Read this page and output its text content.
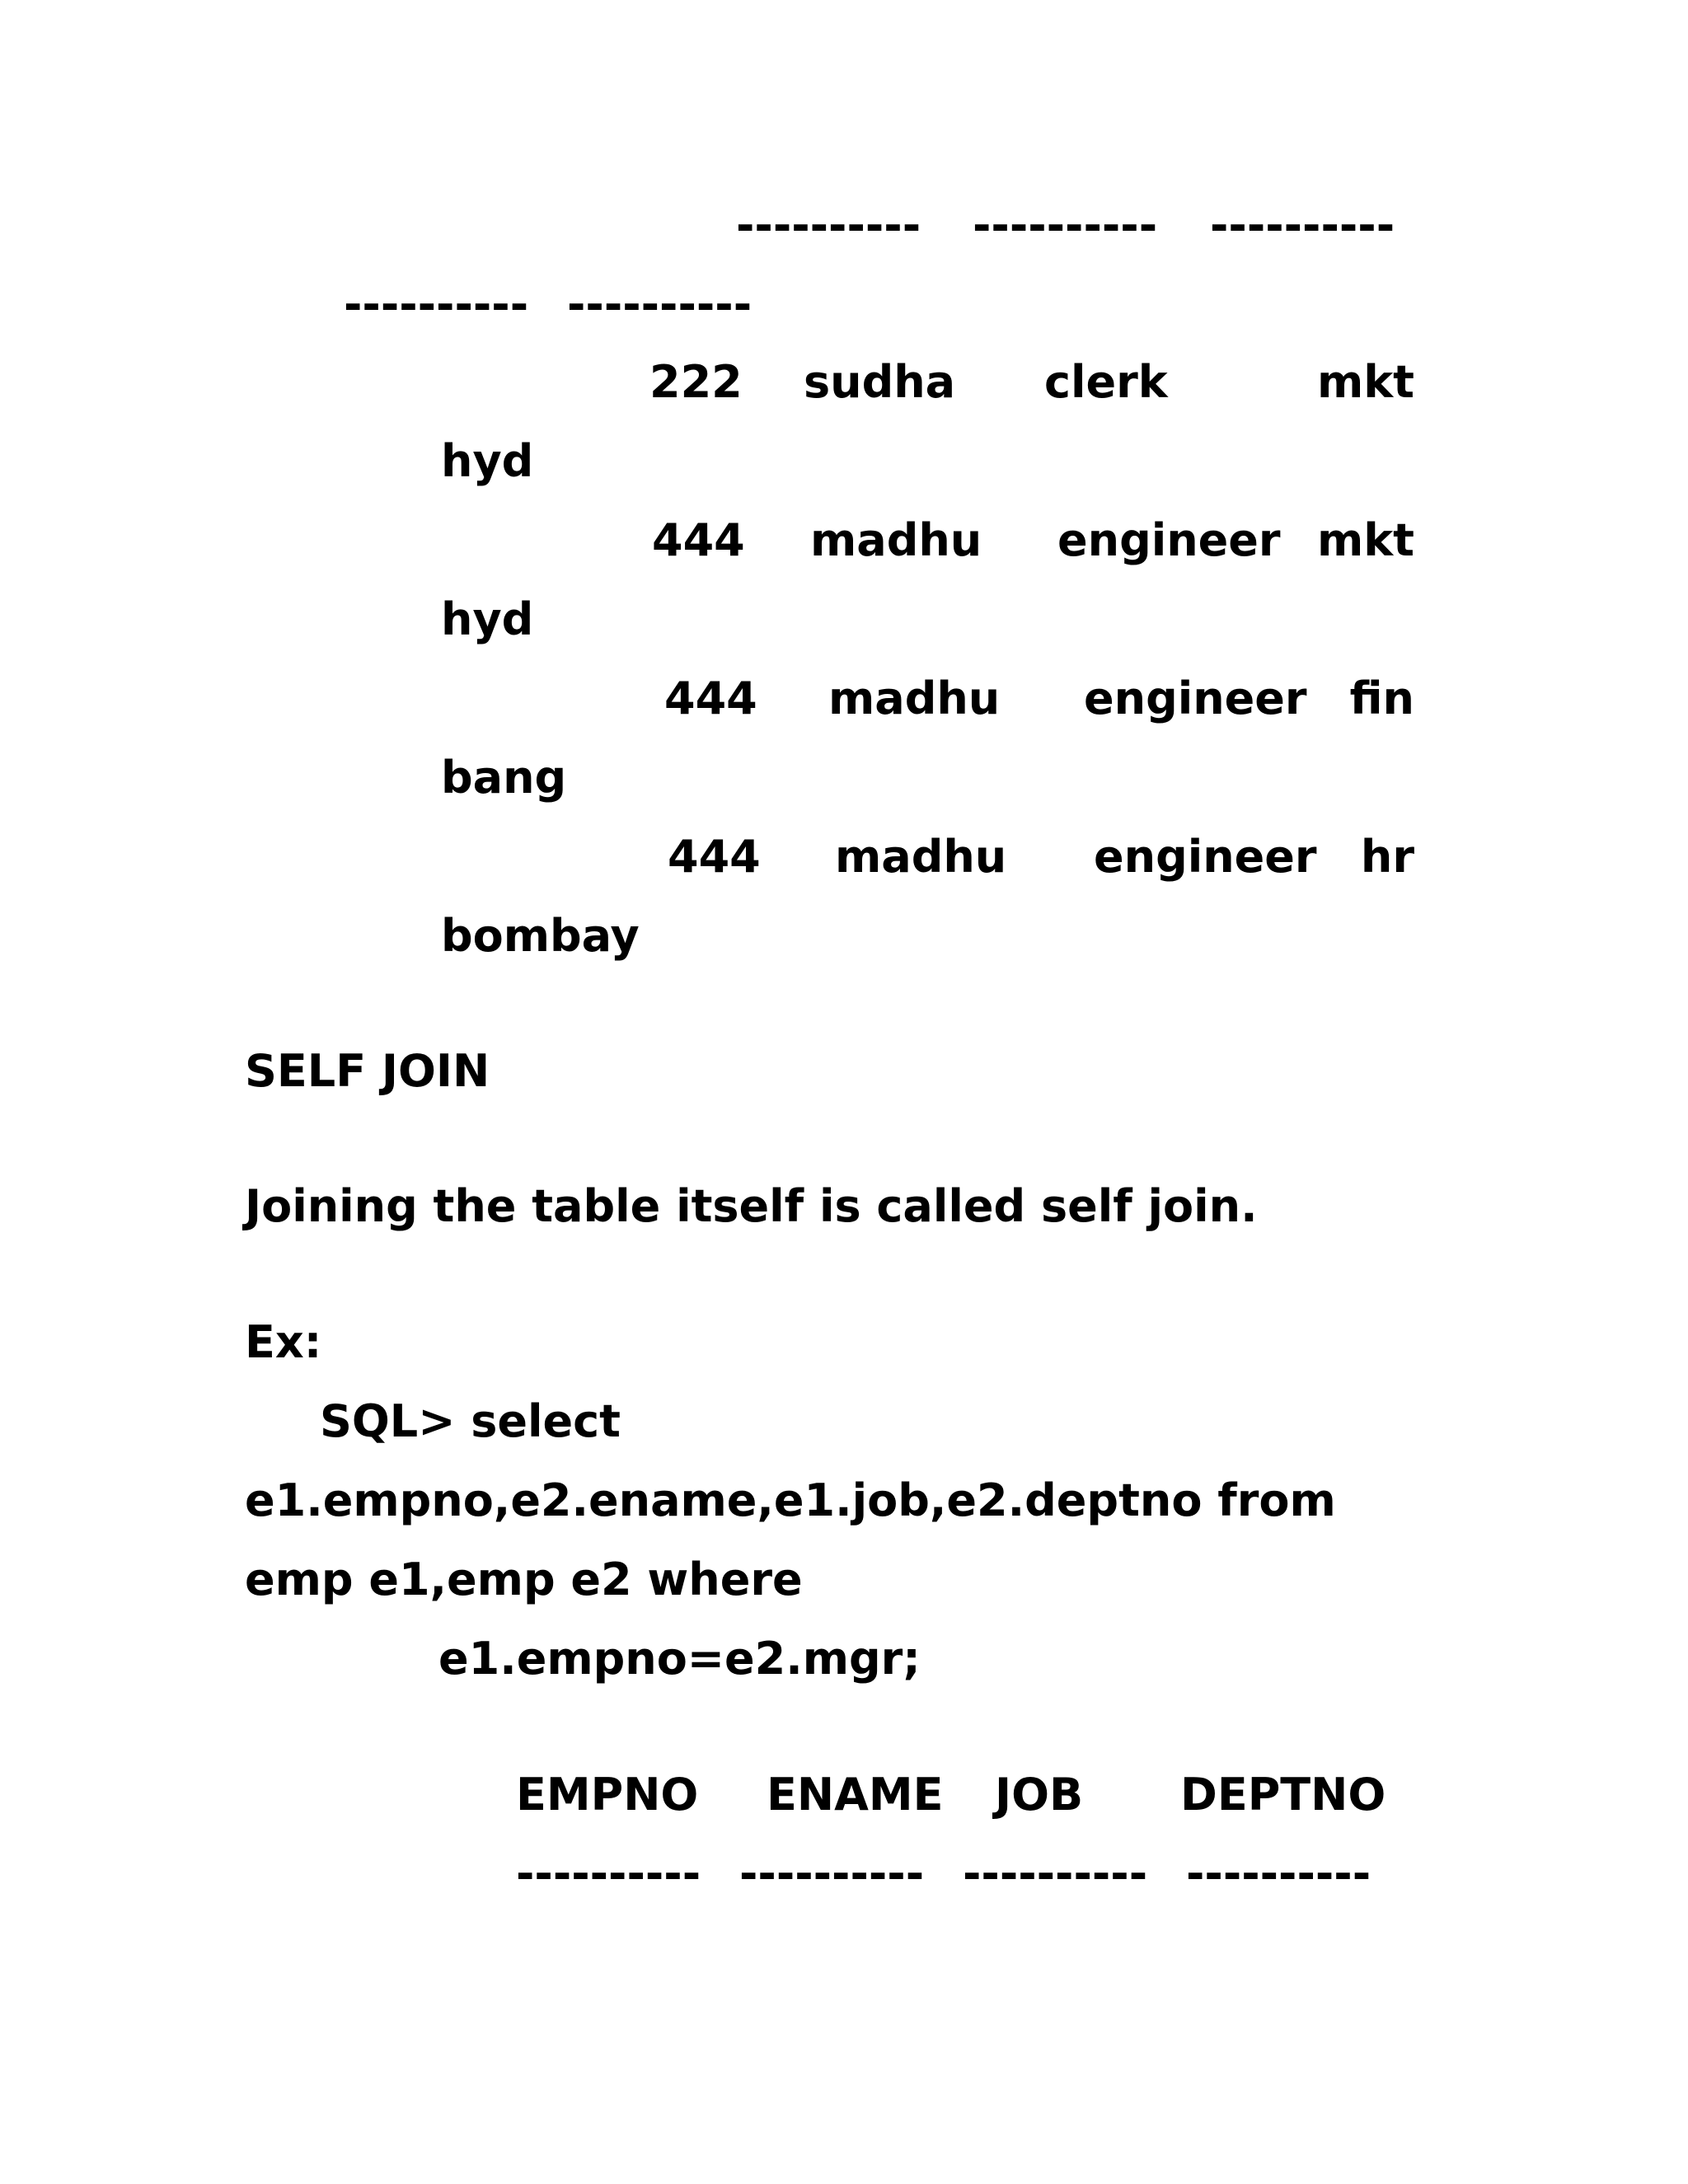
---------- ---------- ----------
---------- ----------
222 sudha clerk	mkt
hyd
444 madhu engineer mkt
hyd
444 madhu engineer fin
bang
444 madhu engineer hr
bombay
SELF JOIN
Joining the table itself is called self join.
Ex:
SQL> select
e1.empno,e2.ename,e1.job,e2.deptno from
emp e1,emp e2 where
e1.empno=e2.mgr;
EMPNO ENAME JOB DEPTNO
---------- ---------- ---------- ----------
